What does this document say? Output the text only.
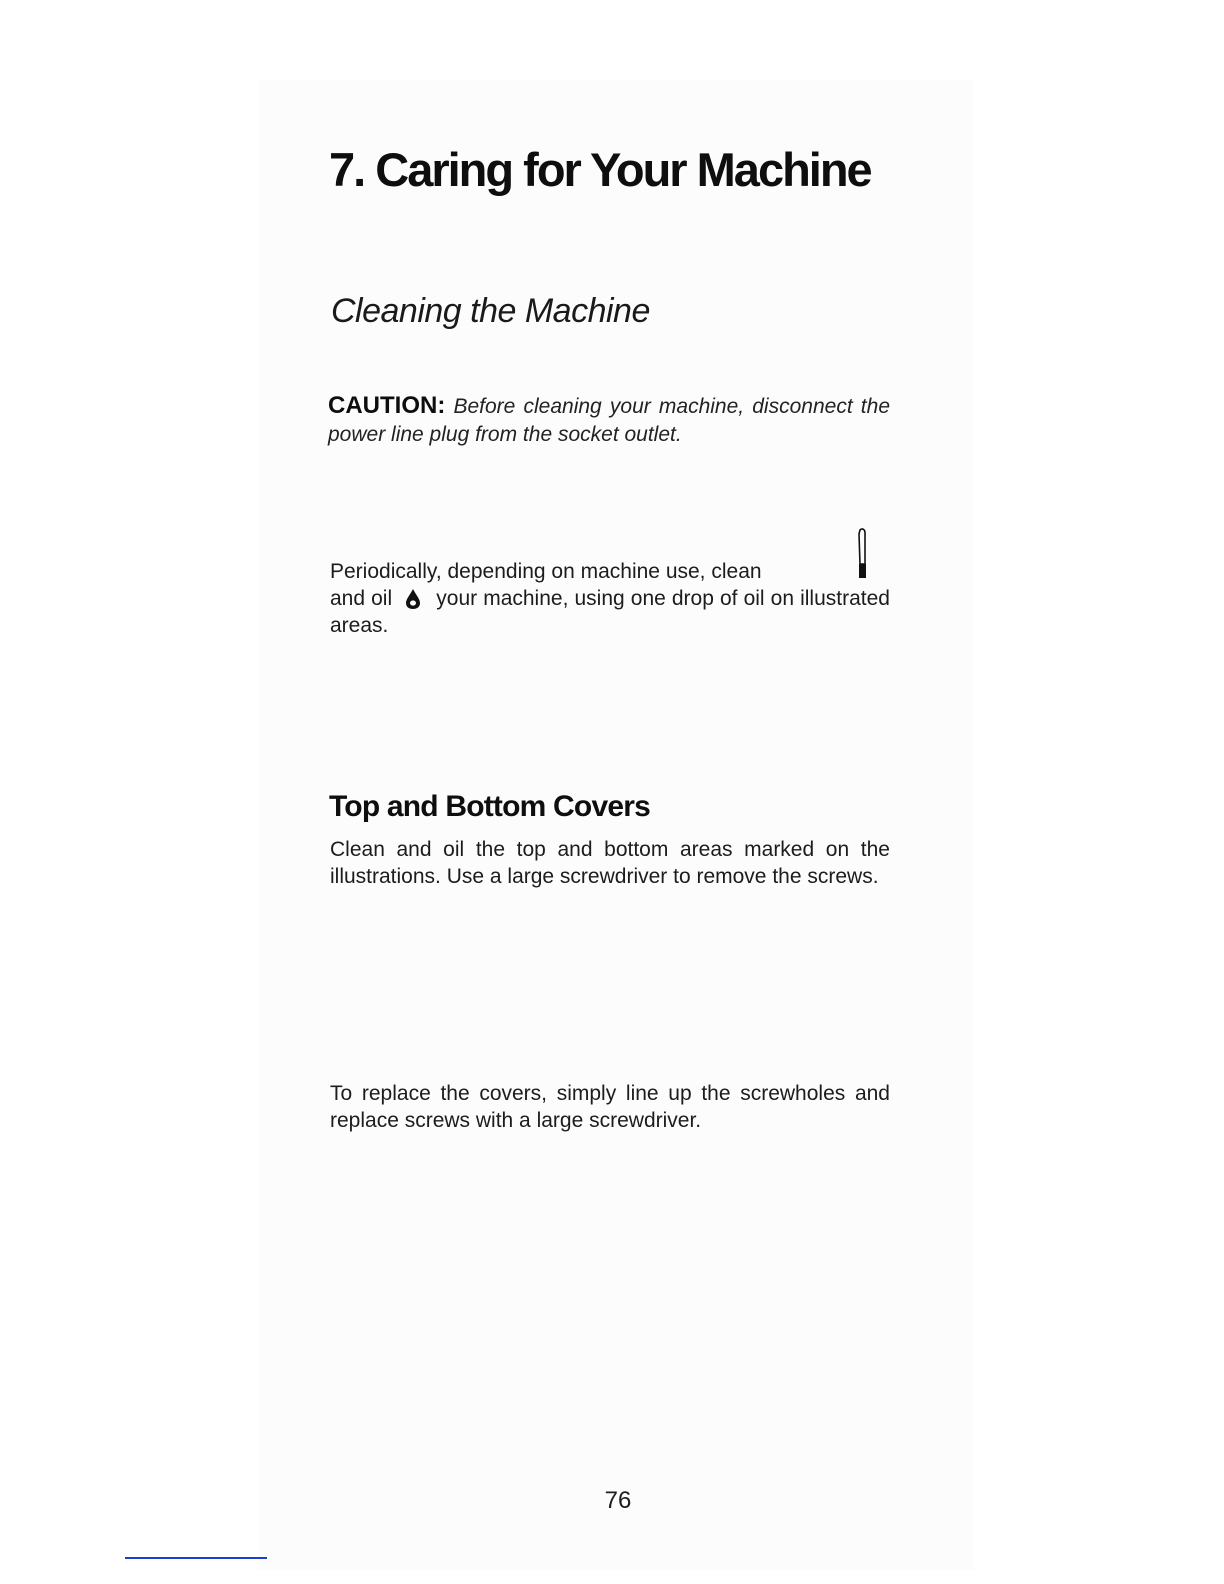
7. Caring for Your Machine
Cleaning the Machine

CAUTION: Before cleaning your machine, disconnect the power line plug from the socket outlet.

Periodically, depending on machine use, clean
and oil your machine, using one drop of oil on illustrated areas.

Top and Bottom Covers

Clean and oil the top and bottom areas marked on the illustrations. Use a large screwdriver to remove the screws.

To replace the covers, simply line up the screwholes and replace screws with a large screwdriver.

76
